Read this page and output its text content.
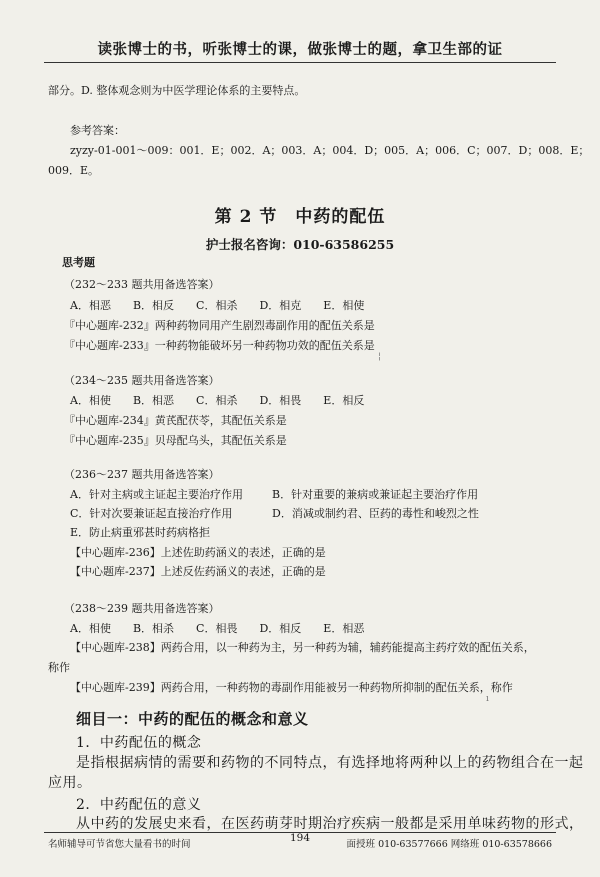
读张博士的书，听张博士的课，做张博士的题，拿卫生部的证
部分。D. 整体观念则为中医学理论体系的主要特点。
参考答案：
zyzy-01-001～009：001．E；002．A；003．A；004．D；005．A；006．C；007．D；008．E；
009．E。
第 2 节　中药的配伍
护士报名咨询：010-63586255
思考题
（232～233 题共用备选答案）
A．相恶 B．相反 C．相杀 D．相克 E．相使
『中心题库-232』两种药物同用产生剧烈毒副作用的配伍关系是
『中心题库-233』一种药物能破坏另一种药物功效的配伍关系是
¦
（234～235 题共用备选答案）
A．相使 B．相恶 C．相杀 D．相畏 E．相反
『中心题库-234』黄芪配茯苓，其配伍关系是
『中心题库-235』贝母配乌头，其配伍关系是
（236～237 题共用备选答案）
A．针对主病或主证起主要治疗作用	B．针对重要的兼病或兼证起主要治疗作用
C．针对次要兼证起直接治疗作用	D．消减或制约君、臣药的毒性和峻烈之性
E．防止病重邪甚时药病格拒
【中心题库-236】上述佐助药涵义的表述，正确的是
【中心题库-237】上述反佐药涵义的表述，正确的是
（238～239 题共用备选答案）
A．相使 B．相杀 C．相畏 D．相反 E．相恶
【中心题库-238】两药合用，以一种药为主，另一种药为辅，辅药能提高主药疗效的配伍关系，
称作
【中心题库-239】两药合用，一种药物的毒副作用能被另一种药物所抑制的配伍关系，称作
ı
细目一：中药的配伍的概念和意义
1．中药配伍的概念
是指根据病情的需要和药物的不同特点，有选择地将两种以上的药物组合在一起
应用。
2．中药配伍的意义
从中药的发展史来看，在医药萌芽时期治疗疾病一般都是采用单味药物的形式，
名师辅导可节省您大量看书的时间
194
面授班 010-63577666 网络班 010-63578666
